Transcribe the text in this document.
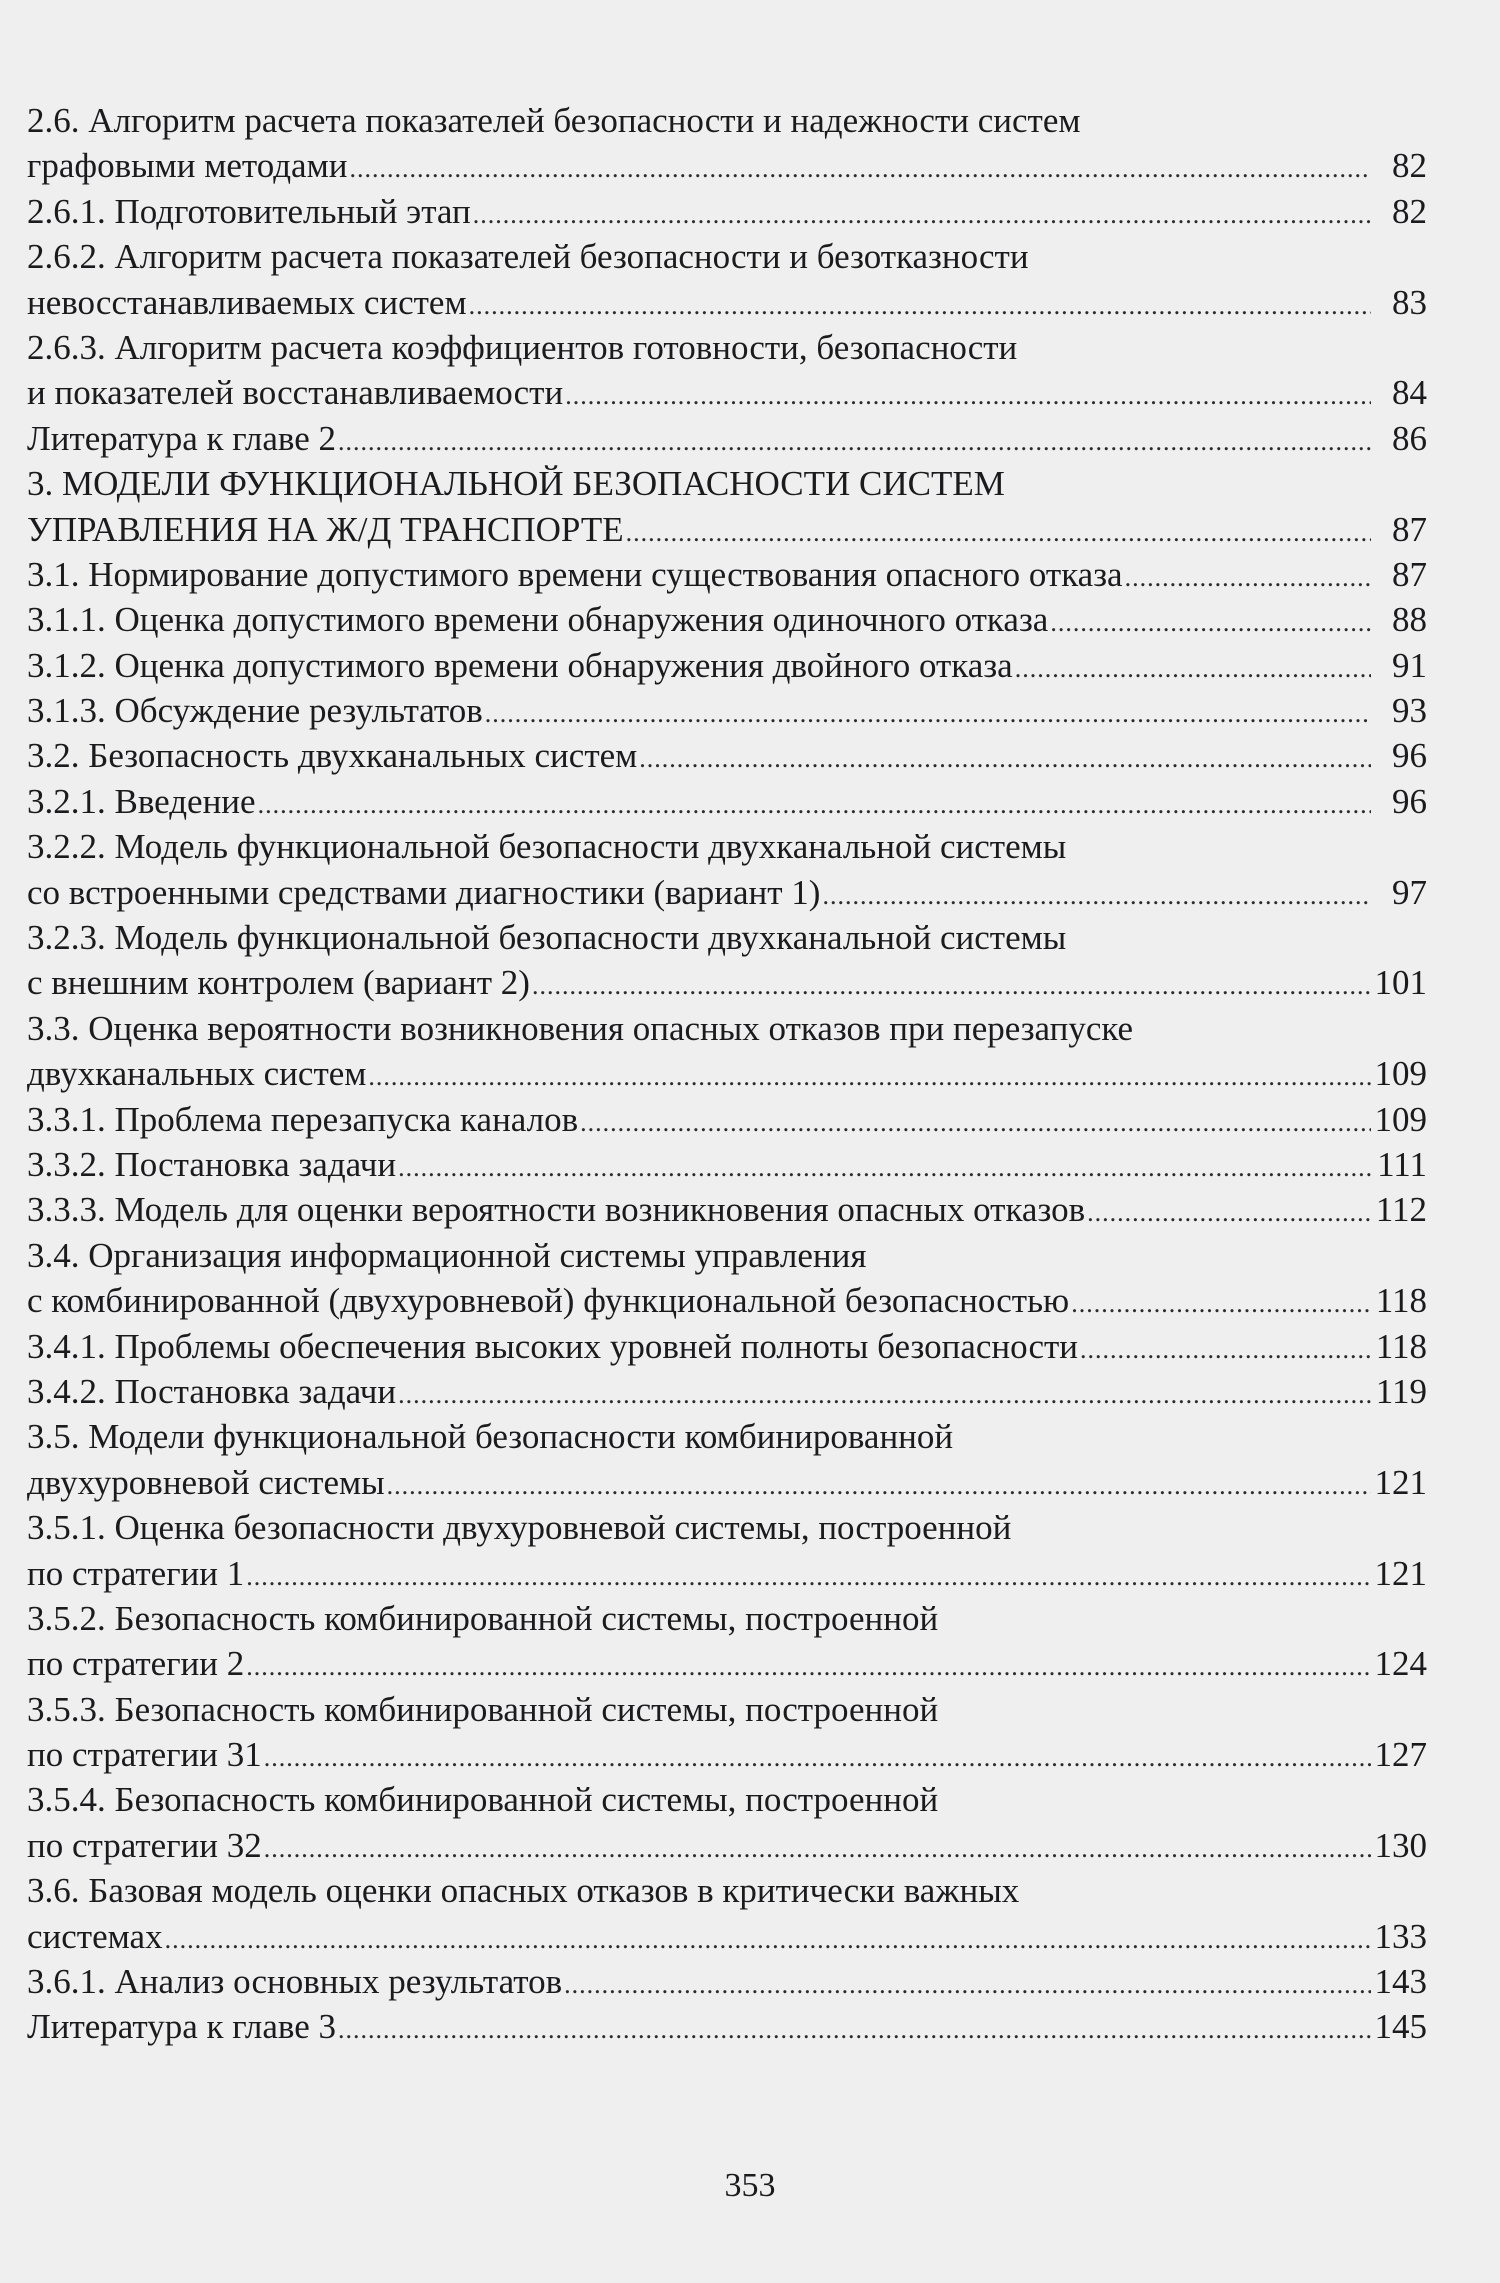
2.6. Алгоритм расчета показателей безопасности и надежности систем
графовыми методами .....	82
2.6.1. Подготовительный этап .....	82
2.6.2. Алгоритм расчета показателей безопасности и безотказности
невосстанавливаемых систем .....	83
2.6.3. Алгоритм расчета коэффициентов готовности, безопасности
и показателей восстанавливаемости .....	84
Литература к главе 2 .....	86
3. МОДЕЛИ ФУНКЦИОНАЛЬНОЙ БЕЗОПАСНОСТИ СИСТЕМ
УПРАВЛЕНИЯ НА Ж/Д ТРАНСПОРТЕ .....	87
3.1. Нормирование допустимого времени существования опасного отказа .....	87
3.1.1. Оценка допустимого времени обнаружения одиночного отказа .....	88
3.1.2. Оценка допустимого времени обнаружения двойного отказа .....	91
3.1.3. Обсуждение результатов .....	93
3.2. Безопасность двухканальных систем .....	96
3.2.1. Введение .....	96
3.2.2. Модель функциональной безопасности двухканальной системы
со встроенными средствами диагностики (вариант 1) .....	97
3.2.3. Модель функциональной безопасности двухканальной системы
с внешним контролем (вариант 2) .....	101
3.3. Оценка вероятности возникновения опасных отказов при перезапуске
двухканальных систем .....	109
3.3.1. Проблема перезапуска каналов .....	109
3.3.2. Постановка задачи .....	111
3.3.3. Модель для оценки вероятности возникновения опасных отказов .....	112
3.4. Организация информационной системы управления
с комбинированной (двухуровневой) функциональной безопасностью .....	118
3.4.1. Проблемы обеспечения высоких уровней полноты безопасности .....	118
3.4.2. Постановка задачи .....	119
3.5. Модели функциональной безопасности комбинированной
двухуровневой системы .....	121
3.5.1. Оценка безопасности двухуровневой системы, построенной
по стратегии 1 .....	121
3.5.2. Безопасность комбинированной системы, построенной
по стратегии 2 .....	124
3.5.3. Безопасность комбинированной системы, построенной
по стратегии 31 .....	127
3.5.4. Безопасность комбинированной системы, построенной
по стратегии 32 .....	130
3.6. Базовая модель оценки опасных отказов в критически важных
системах .....	133
3.6.1. Анализ основных результатов .....	143
Литература к главе 3 .....	145
353
